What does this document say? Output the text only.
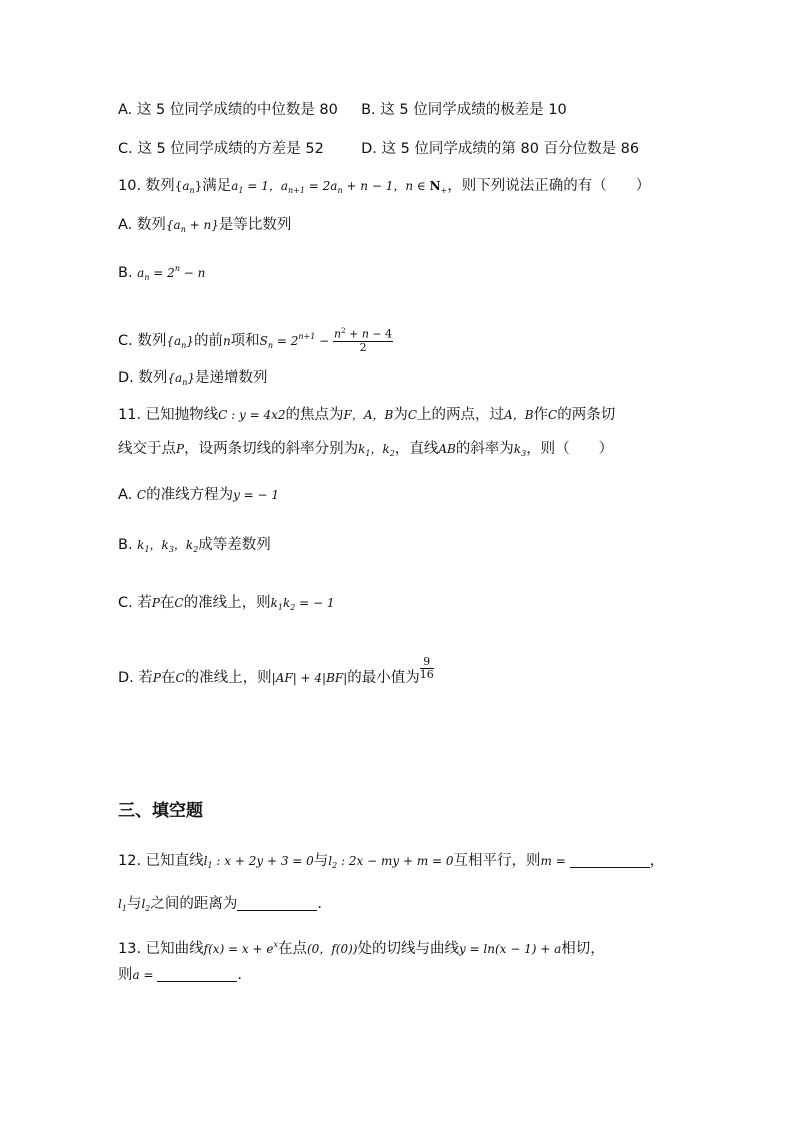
A. 这 5 位同学成绩的中位数是 80 B. 这 5 位同学成绩的极差是 10
C. 这 5 位同学成绩的方差是 52	D. 这 5 位同学成绩的第 80 百分位数是 86
10. 数列$\{a_n\}$满足$a_1 = 1$，$a_{n+1} = 2a_n + n - 1$，n ∈ $N_+$，则下列说法正确的有（　　）
A. 数列$\{a_n + n\}$是等比数列
B. $a_n = 2^n - n$
C. 数列$\{a_n\}$的前n项和$S_n = 2^{n+1} - \frac{n^2 + n - 4}{2}$
D. 数列$\{a_n\}$是递增数列
11. 已知抛物线C : y = 4x2的焦点为F，A，B为C上的两点，过A，B作C的两条切
线交于点P，设两条切线的斜率分别为$k_1$，$k_2$，直线AB的斜率为$k_3$，则（　　）
A. C的准线方程为y = − 1
B. $k_1$，$k_3$，$k_2$成等差数列
C. 若P在C的准线上，则$k_1k_2$ = − 1
D. 若P在C的准线上，则|AF| + 4|BF|的最小值为 $\frac{9}{16}$
三、填空题
12. 已知直线$l_1$ : x + 2y + 3 = 0与$l_2$ : 2x − my + m = 0互相平行，则m =	，
$l_1$与$l_2$之间的距离为	.
13. 已知曲线$f(x) = x + e^x$在点(0，f(0))处的切线与曲线y = ln(x − 1) + a相切，
则a =	.
